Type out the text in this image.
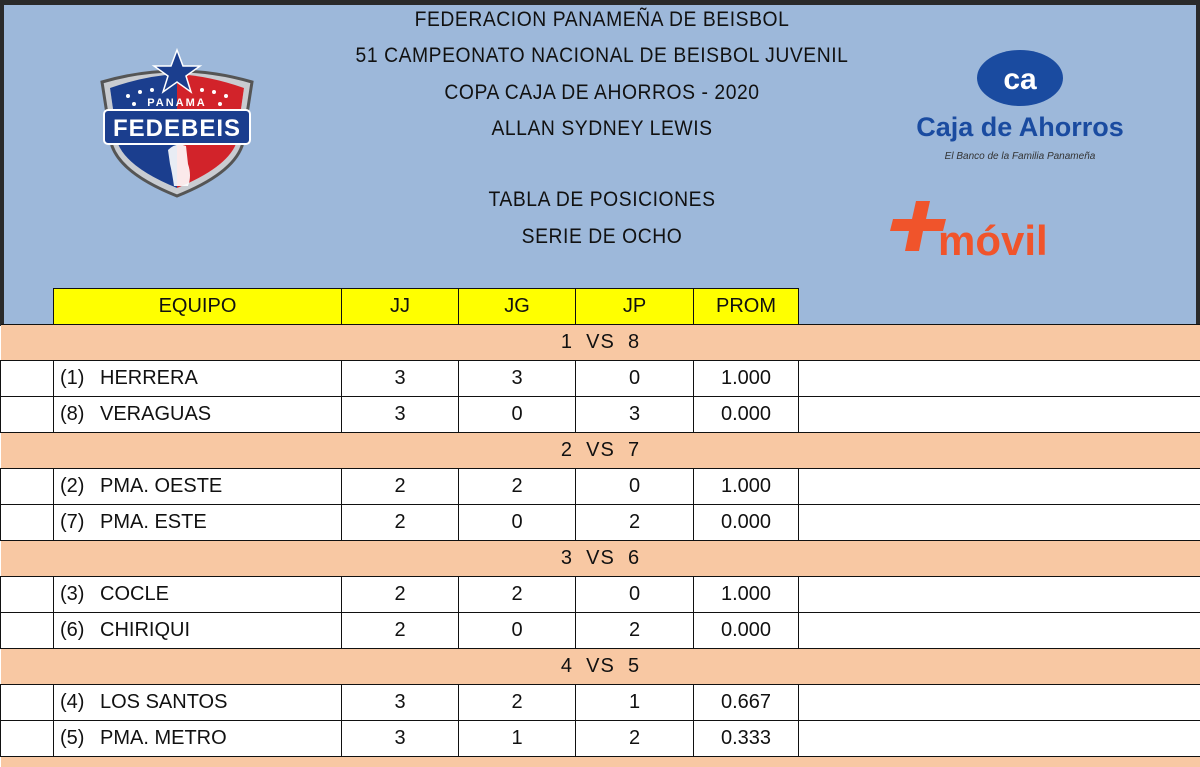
FEDERACION PANAMEÑA DE BEISBOL
51 CAMPEONATO NACIONAL DE BEISBOL JUVENIL
COPA CAJA DE AHORROS - 2020
ALLAN SYDNEY LEWIS
TABLA DE POSICIONES
SERIE DE OCHO
PANAMA
FEDEBEIS
ca
Caja de Ahorros
El Banco de la Familia Panameña
móvil
	EQUIPO	JJ	JG	JP	PROM	
1  VS  8						
	(1) HERRERA	3	3	0	1.000	
	(8) VERAGUAS	3	0	3	0.000	
2  VS  7						
	(2) PMA. OESTE	2	2	0	1.000	
	(7) PMA. ESTE	2	0	2	0.000	
3  VS  6						
	(3) COCLE	2	2	0	1.000	
	(6) CHIRIQUI	2	0	2	0.000	
4  VS  5						
	(4) LOS SANTOS	3	2	1	0.667	
	(5) PMA. METRO	3	1	2	0.333	
